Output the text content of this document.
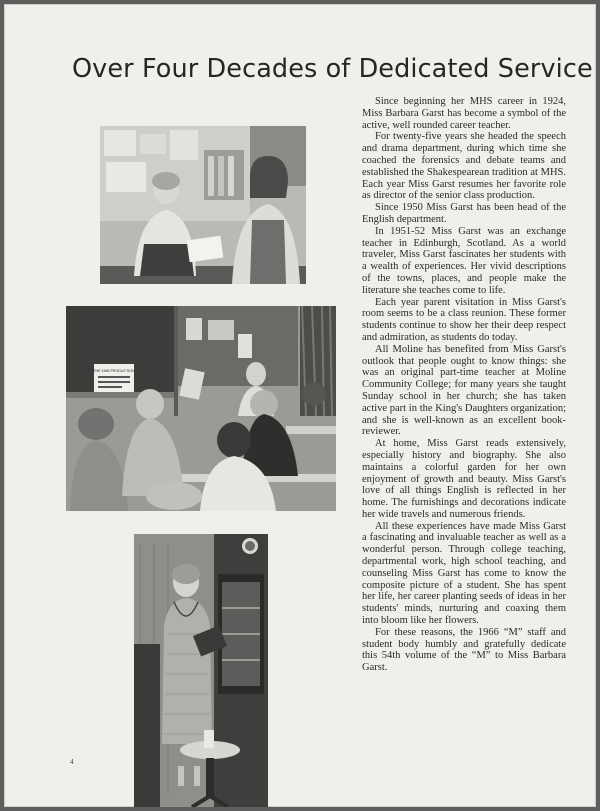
Over Four Decades of Dedicated Service
THE 1965 PRODUCTION

Since beginning her MHS career in 1924, Miss Barbara Garst has become a symbol of the active, well rounded career teacher.

For twenty-five years she headed the speech and drama department, during which time she coached the forensics and debate teams and established the Shakespearean tradition at MHS. Each year Miss Garst resumes her favorite role as director of the senior class production.

Since 1950 Miss Garst has been head of the English department.

In 1951-52 Miss Garst was an exchange teacher in Edinburgh, Scotland. As a world traveler, Miss Garst fascinates her students with a wealth of experiences. Her vivid descriptions of the towns, places, and people make the literature she teaches come to life.

Each year parent visitation in Miss Garst's room seems to be a class reunion. These former students continue to show her their deep respect and admiration, as students do today.

All Moline has benefited from Miss Garst's outlook that people ought to know things: she was an original part-time teacher at Moline Community College; for many years she taught Sunday school in her church; she has taken active part in the King's Daughters organization; and she is well-known as an excellent book-reviewer.

At home, Miss Garst reads extensively, especially history and biography. She also maintains a colorful garden for her own enjoyment of growth and beauty. Miss Garst's love of all things English is reflected in her home. The furnishings and decorations indicate her wide travels and numerous friends.

All these experiences have made Miss Garst a fascinating and invaluable teacher as well as a wonderful person. Through college teaching, departmental work, high school teaching, and counseling Miss Garst has come to know the composite picture of a student. She has spent her life, her career planting seeds of ideas in her students' minds, nurturing and coaxing them into bloom like her flowers.

For these reasons, the 1966 “M” staff and student body humbly and gratefully dedicate this 54th volume of the “M” to Miss Barbara Garst.

4
